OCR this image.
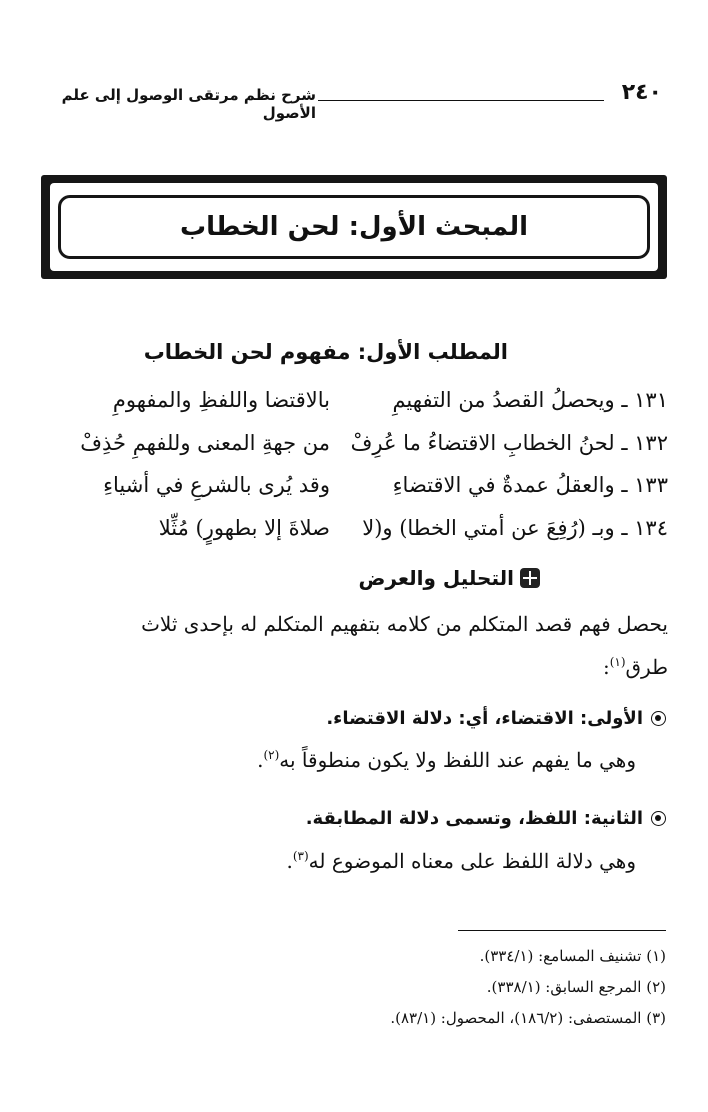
٢٤٠
شرح نظم مرتقى الوصول إلى علم الأصول
المبحث الأول: لحن الخطاب
المطلب الأول: مفهوم لحن الخطاب
١٣١ ـ ويحصلُ القصدُ من التفهيمِ
بالاقتضا واللفظِ والمفهومِ
١٣٢ ـ لحنُ الخطابِ الاقتضاءُ ما عُرِفْ
من جهةِ المعنى وللفهمِ حُذِفْ
١٣٣ ـ والعقلُ عمدةٌ في الاقتضاءِ
وقد يُرى بالشرعِ في أشياءِ
١٣٤ ـ وبـ (رُفِعَ عن أمتي الخطا) و(لا
صلاةَ إلا بطهورٍ) مُثِّلا
التحليل والعرض
يحصل فهم قصد المتكلم من كلامه بتفهيم المتكلم له بإحدى ثلاث
طرق$^{(١)}$:
الأولى: الاقتضاء، أي: دلالة الاقتضاء.
وهي ما يفهم عند اللفظ ولا يكون منطوقاً به$^{(٢)}$.
الثانية: اللفظ، وتسمى دلالة المطابقة.
وهي دلالة اللفظ على معناه الموضوع له$^{(٣)}$.
(١) تشنيف المسامع: (٣٣٤/١).
(٢) المرجع السابق: (٣٣٨/١).
(٣) المستصفى: (١٨٦/٢)، المحصول: (٨٣/١).
